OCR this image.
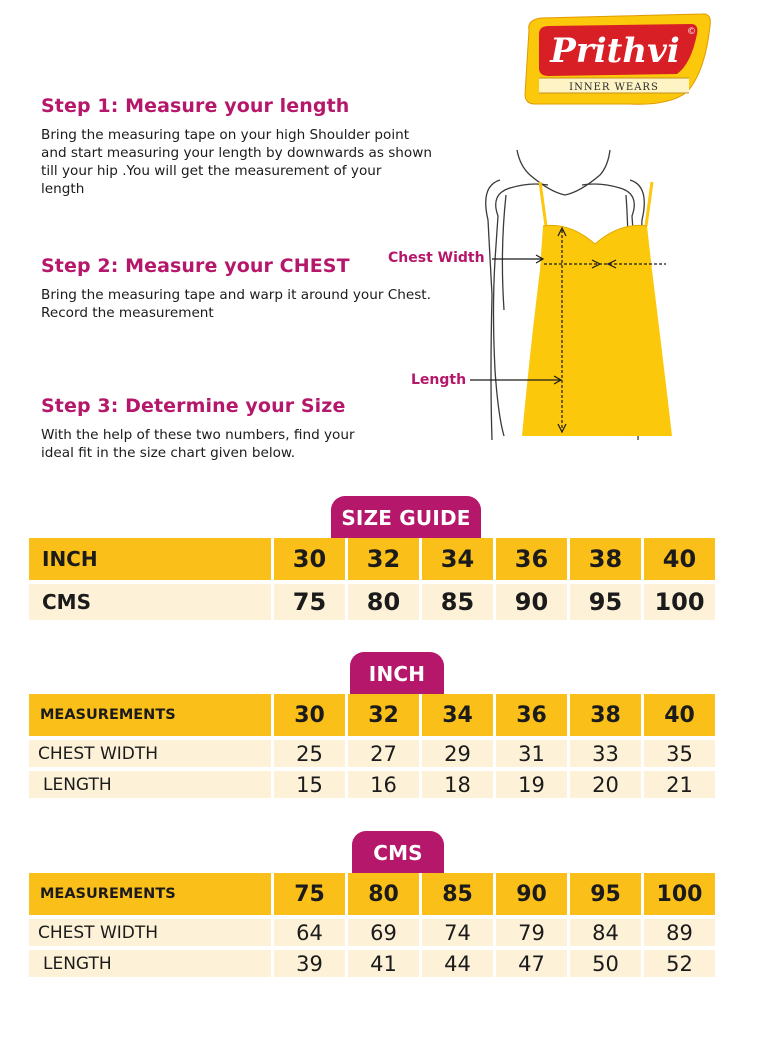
Prithvi
INNER WEARS
©
Step 1: Measure your length

Bring the measuring tape on your high Shoulder point
and start measuring your length by downwards as shown
till your hip .You will get the measurement of your
length

Step 2: Measure your CHEST

Bring the measuring tape and warp it around your Chest.
Record the measurement

Step 3: Determine your Size

With the help of these two numbers, find your
ideal fit in the size chart given below.

Chest Width
Length
SIZE GUIDE
INCH	30	32	34	36	38	40
CMS	75	80	85	90	95	100
INCH
MEASUREMENTS	30	32	34	36	38	40
CHEST WIDTH	25	27	29	31	33	35
LENGTH	15	16	18	19	20	21
CMS
MEASUREMENTS	75	80	85	90	95	100
CHEST WIDTH	64	69	74	79	84	89
LENGTH	39	41	44	47	50	52
